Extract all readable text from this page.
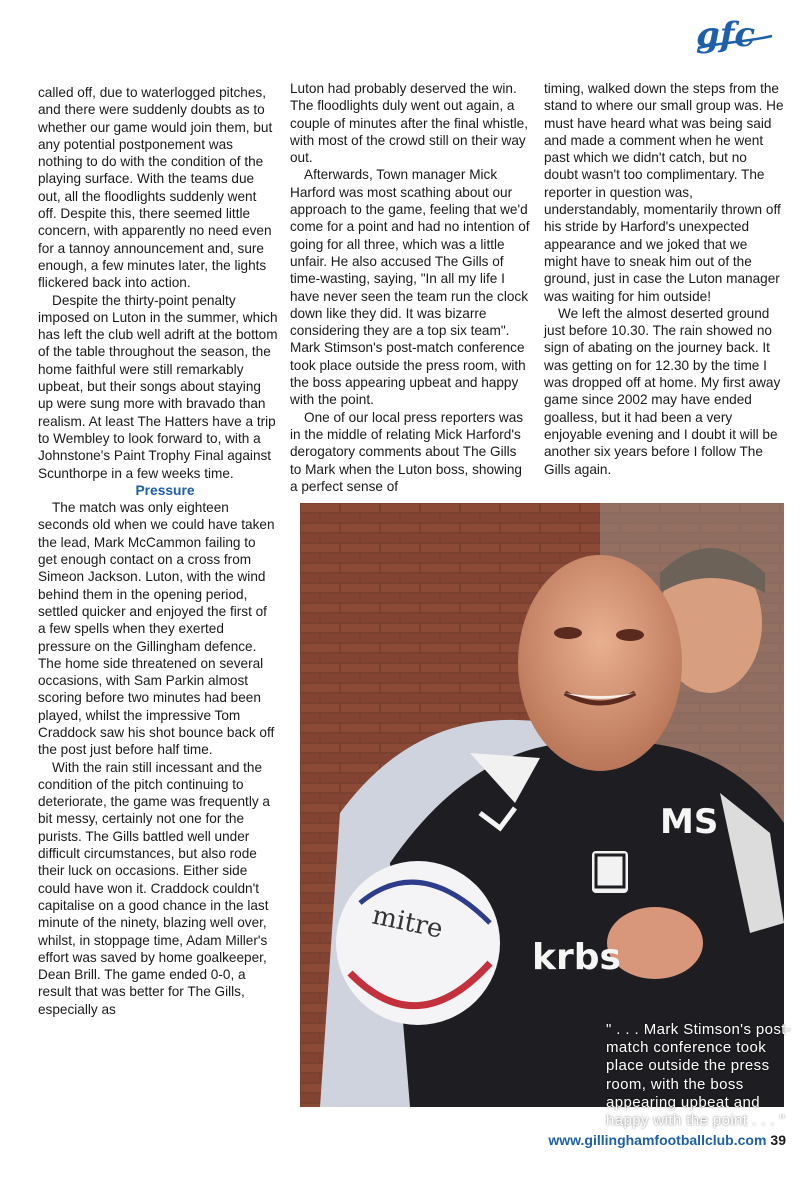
gfc

called off, due to waterlogged pitches, and there were suddenly doubts as to whether our game would join them, but any potential postponement was nothing to do with the condition of the playing surface. With the teams due out, all the floodlights suddenly went off. Despite this, there seemed little concern, with apparently no need even for a tannoy announcement and, sure enough, a few minutes later, the lights flickered back into action.

Despite the thirty-point penalty imposed on Luton in the summer, which has left the club well adrift at the bottom of the table throughout the season, the home faithful were still remarkably upbeat, but their songs about staying up were sung more with bravado than realism. At least The Hatters have a trip to Wembley to look forward to, with a Johnstone's Paint Trophy Final against Scunthorpe in a few weeks time.

Pressure

The match was only eighteen seconds old when we could have taken the lead, Mark McCammon failing to get enough contact on a cross from Simeon Jackson. Luton, with the wind behind them in the opening period, settled quicker and enjoyed the first of a few spells when they exerted pressure on the Gillingham defence. The home side threatened on several occasions, with Sam Parkin almost scoring before two minutes had been played, whilst the impressive Tom Craddock saw his shot bounce back off the post just before half time.

With the rain still incessant and the condition of the pitch continuing to deteriorate, the game was frequently a bit messy, certainly not one for the purists. The Gills battled well under difficult circumstances, but also rode their luck on occasions. Either side could have won it. Craddock couldn't capitalise on a good chance in the last minute of the ninety, blazing well over, whilst, in stoppage time, Adam Miller's effort was saved by home goalkeeper, Dean Brill. The game ended 0-0, a result that was better for The Gills, especially as

Luton had probably deserved the win. The floodlights duly went out again, a couple of minutes after the final whistle, with most of the crowd still on their way out.

Afterwards, Town manager Mick Harford was most scathing about our approach to the game, feeling that we'd come for a point and had no intention of going for all three, which was a little unfair. He also accused The Gills of time-wasting, saying, "In all my life I have never seen the team run the clock down like they did. It was bizarre considering they are a top six team". Mark Stimson's post-match conference took place outside the press room, with the boss appearing upbeat and happy with the point.

One of our local press reporters was in the middle of relating Mick Harford's derogatory comments about The Gills to Mark when the Luton boss, showing a perfect sense of

timing, walked down the steps from the stand to where our small group was. He must have heard what was being said and made a comment when he went past which we didn't catch, but no doubt wasn't too complimentary. The reporter in question was, understandably, momentarily thrown off his stride by Harford's unexpected appearance and we joked that we might have to sneak him out of the ground, just in case the Luton manager was waiting for him outside!

We left the almost deserted ground just before 10.30. The rain showed no sign of abating on the journey back. It was getting on for 12.30 by the time I was dropped off at home. My first away game since 2002 may have ended goalless, but it had been a very enjoyable evening and I doubt it will be another six years before I follow The Gills again.

MS
krbs
mitre
" . . . Mark Stimson's post-match conference took place outside the press room, with the boss appearing upbeat and happy with the point . . . "
www.gillinghamfootballclub.com 39
